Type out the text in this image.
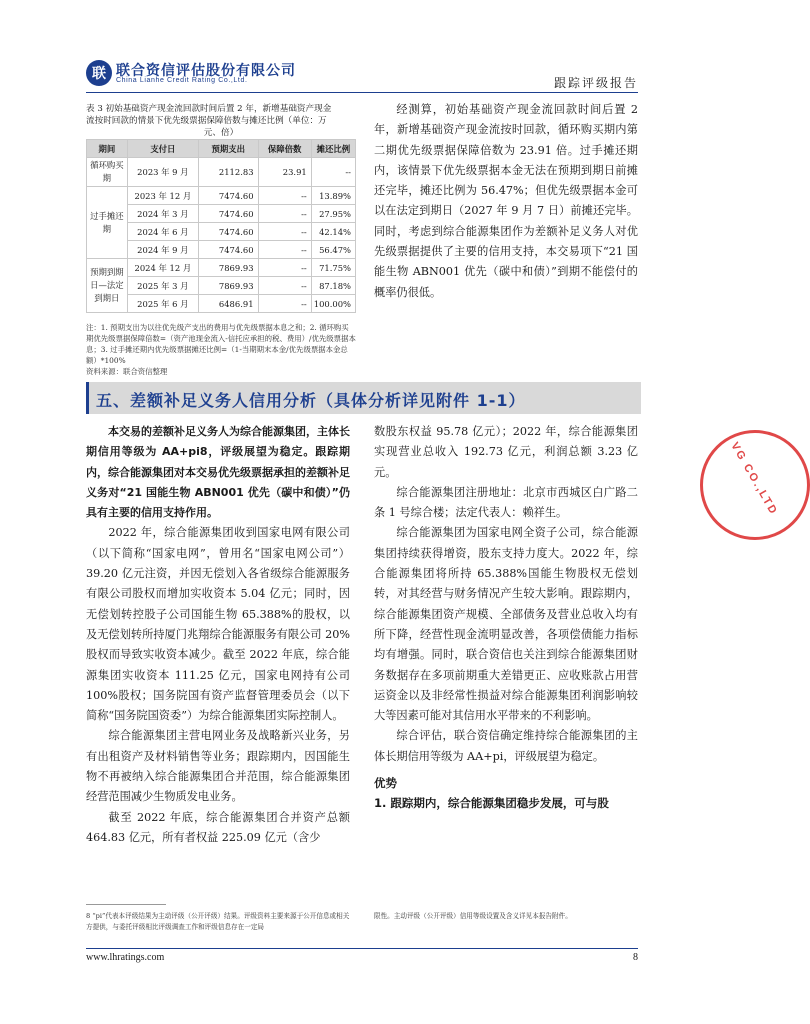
联 联合资信评估股份有限公司
China Lianhe Credit Rating Co.,Ltd.	跟踪评级报告
表 3 初始基础资产现金流回款时间后置 2 年，新增基础资产现金
流按时回款的情景下优先级票据保障倍数与摊还比例（单位：万
元、倍）
期间	支付日	预期支出	保障倍数	摊还比例
循环购买期	2023 年 9 月	2112.83	23.91	--
过手摊还期	2023 年 12 月	7474.60	--	13.89%
	2024 年 3 月	7474.60	--	27.95%
	2024 年 6 月	7474.60	--	42.14%
	2024 年 9 月	7474.60	--	56.47%
预期到期日—法定到期日	2024 年 12 月	7869.93	--	71.75%
	2025 年 3 月	7869.93	--	87.18%
	2025 年 6 月	6486.91	--	100.00%
注：1. 预期支出为以往优先级产支出的费用与优先级票据本息之和；2. 循环购买期优先级票据保障倍数=（资产池现金流入-信托应承担的税、费用）/优先级票据本息；3. 过手摊还期内优先级票据摊还比例=（1-当期期末本金/优先级票据本金总额）*100%
资料来源：联合资信整理
经测算，初始基础资产现金流回款时间后置 2 年，新增基础资产现金流按时回款，循环购买期内第二期优先级票据保障倍数为 23.91 倍。过手摊还期内，该情景下优先级票据本金无法在预期到期日前摊还完毕，摊还比例为 56.47%；但优先级票据本金可以在法定到期日（2027 年 9 月 7 日）前摊还完毕。同时，考虑到综合能源集团作为差额补足义务人对优先级票据提供了主要的信用支持，本交易项下“21 国能生物 ABN001 优先（碳中和债）”到期不能偿付的概率仍很低。
五、差额补足义务人信用分析（具体分析详见附件 1-1）
本交易的差额补足义务人为综合能源集团，主体长期信用等级为 AA+pi8，评级展望为稳定。跟踪期内，综合能源集团对本交易优先级票据承担的差额补足义务对“21 国能生物 ABN001 优先（碳中和债）”仍具有主要的信用支持作用。
2022 年，综合能源集团收到国家电网有限公司（以下简称“国家电网”，曾用名“国家电网公司”）39.20 亿元注资，并因无偿划入各省级综合能源服务有限公司股权而增加实收资本 5.04 亿元；同时，因无偿划转控股子公司国能生物 65.388%的股权，以及无偿划转所持厦门兆翔综合能源服务有限公司 20%股权而导致实收资本减少。截至 2022 年底，综合能源集团实收资本 111.25 亿元，国家电网持有公司 100%股权；国务院国有资产监督管理委员会（以下简称“国务院国资委”）为综合能源集团实际控制人。
综合能源集团主营电网业务及战略新兴业务，另有出租资产及材料销售等业务；跟踪期内，因国能生物不再被纳入综合能源集团合并范围，综合能源集团经营范围减少生物质发电业务。
截至 2022 年底，综合能源集团合并资产总额 464.83 亿元，所有者权益 225.09 亿元（含少
数股东权益 95.78 亿元）；2022 年，综合能源集团实现营业总收入 192.73 亿元，利润总额 3.23 亿元。
综合能源集团注册地址：北京市西城区白广路二条 1 号综合楼；法定代表人：赖祥生。
综合能源集团为国家电网全资子公司，综合能源集团持续获得增资，股东支持力度大。2022 年，综合能源集团将所持 65.388%国能生物股权无偿划转，对其经营与财务情况产生较大影响。跟踪期内，综合能源集团资产规模、全部债务及营业总收入均有所下降，经营性现金流明显改善，各项偿债能力指标均有增强。同时，联合资信也关注到综合能源集团财务数据存在多项前期重大差错更正、应收账款占用营运资金以及非经常性损益对综合能源集团利润影响较大等因素可能对其信用水平带来的不利影响。
综合评估，联合资信确定维持综合能源集团的主体长期信用等级为 AA+pi，评级展望为稳定。
优势
1. 跟踪期内，综合能源集团稳步发展，可与股
VG CO.,LTD
8 “pi”代表本评级结果为主动评级（公开评级）结果。评级资料主要来源于公开信息或相关方提供，与委托评级相比评级调查工作和评级信息存在一定局
限性。主动评级（公开评级）信用等级设置及含义详见本报告附件。
www.lhratings.com	8
